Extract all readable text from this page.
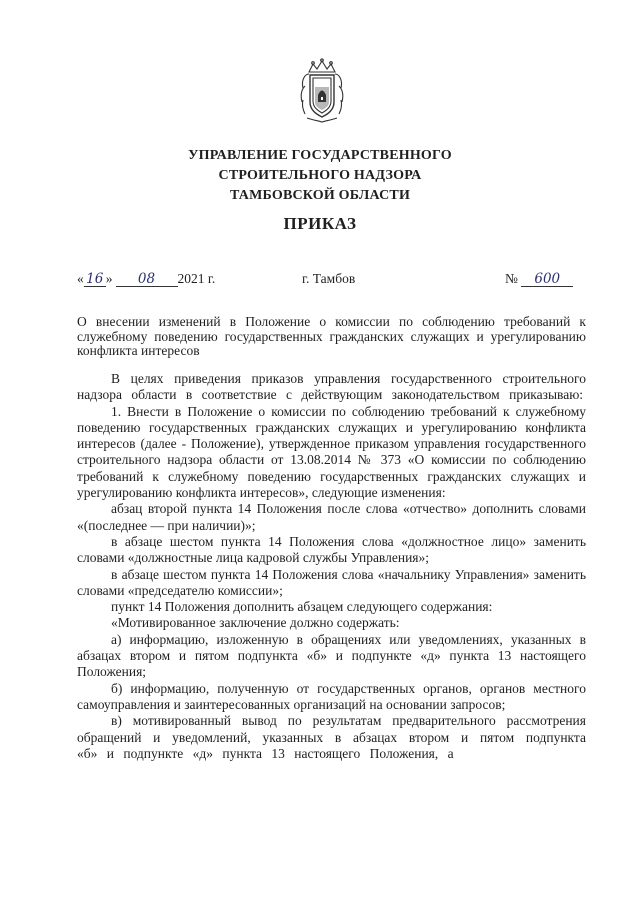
УПРАВЛЕНИЕ ГОСУДАРСТВЕННОГО
СТРОИТЕЛЬНОГО НАДЗОРА
ТАМБОВСКОЙ ОБЛАСТИ
ПРИКАЗ
« 16 » 08 2021 г.	г. Тамбов	№ 600
О внесении изменений в Положение о комиссии по соблюдению требований к служебному поведению государственных гражданских служащих и урегулированию конфликта интересов

В целях приведения приказов управления государственного строительного надзора области в соответствие с действующим законодательством приказываю:

1. Внести в Положение о комиссии по соблюдению требований к служебному поведению государственных гражданских служащих и урегулированию конфликта интересов (далее - Положение), утвержденное приказом управления государственного строительного надзора области от 13.08.2014 № 373 «О комиссии по соблюдению требований к служебному поведению государственных гражданских служащих и урегулированию конфликта интересов», следующие изменения:

абзац второй пункта 14 Положения после слова «отчество» дополнить словами «(последнее — при наличии)»;

в абзаце шестом пункта 14 Положения слова «должностное лицо» заменить словами «должностные лица кадровой службы Управления»;

в абзаце шестом пункта 14 Положения слова «начальнику Управления» заменить словами «председателю комиссии»;

пункт 14 Положения дополнить абзацем следующего содержания:

«Мотивированное заключение должно содержать:

а) информацию, изложенную в обращениях или уведомлениях, указанных в абзацах втором и пятом подпункта «б» и подпункте «д» пункта 13 настоящего Положения;

б) информацию, полученную от государственных органов, органов местного самоуправления и заинтересованных организаций на основании запросов;

в) мотивированный вывод по результатам предварительного рассмотрения обращений и уведомлений, указанных в абзацах втором и пятом подпункта «б» и подпункте «д» пункта 13 настоящего Положения, а
